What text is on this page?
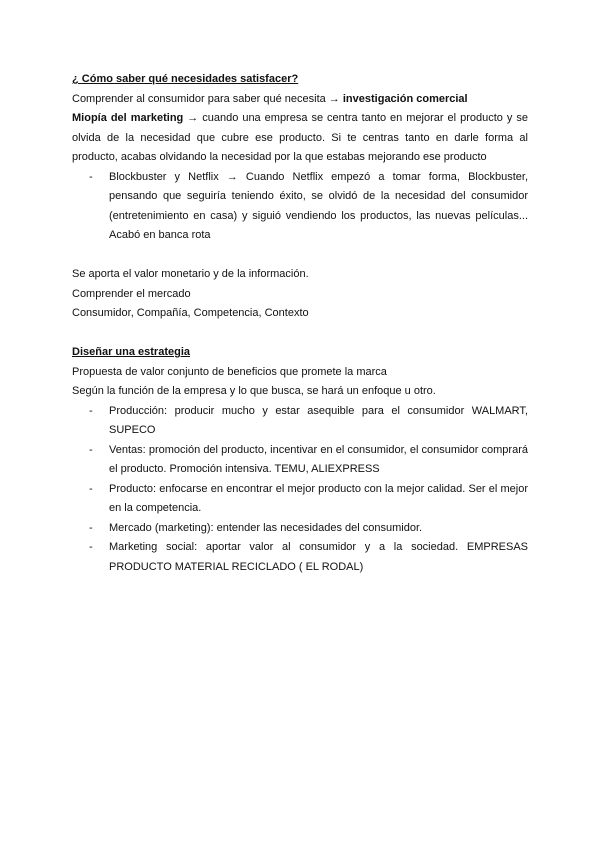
¿ Cómo saber qué necesidades satisfacer?

Comprender al consumidor para saber qué necesita → investigación comercial

Miopía del marketing → cuando una empresa se centra tanto en mejorar el producto y se olvida de la necesidad que cubre ese producto. Si te centras tanto en darle forma al producto, acabas olvidando la necesidad por la que estabas mejorando ese producto

- Blockbuster y Netflix → Cuando Netflix empezó a tomar forma, Blockbuster, pensando que seguiría teniendo éxito, se olvidó de la necesidad del consumidor (entretenimiento en casa) y siguió vendiendo los productos, las nuevas películas... Acabó en banca rota

Se aporta el valor monetario y de la información.

Comprender el mercado

Consumidor, Compañía, Competencia, Contexto

Diseñar una estrategia

Propuesta de valor conjunto de beneficios que promete la marca

Según la función de la empresa y lo que busca, se hará un enfoque u otro.

- Producción: producir mucho y estar asequible para el consumidor WALMART, SUPECO
- Ventas: promoción del producto, incentivar en el consumidor, el consumidor comprará el producto. Promoción intensiva. TEMU, ALIEXPRESS
- Producto: enfocarse en encontrar el mejor producto con la mejor calidad. Ser el mejor en la competencia.
- Mercado (marketing): entender las necesidades del consumidor.
- Marketing social: aportar valor al consumidor y a la sociedad. EMPRESAS PRODUCTO MATERIAL RECICLADO ( EL RODAL)
